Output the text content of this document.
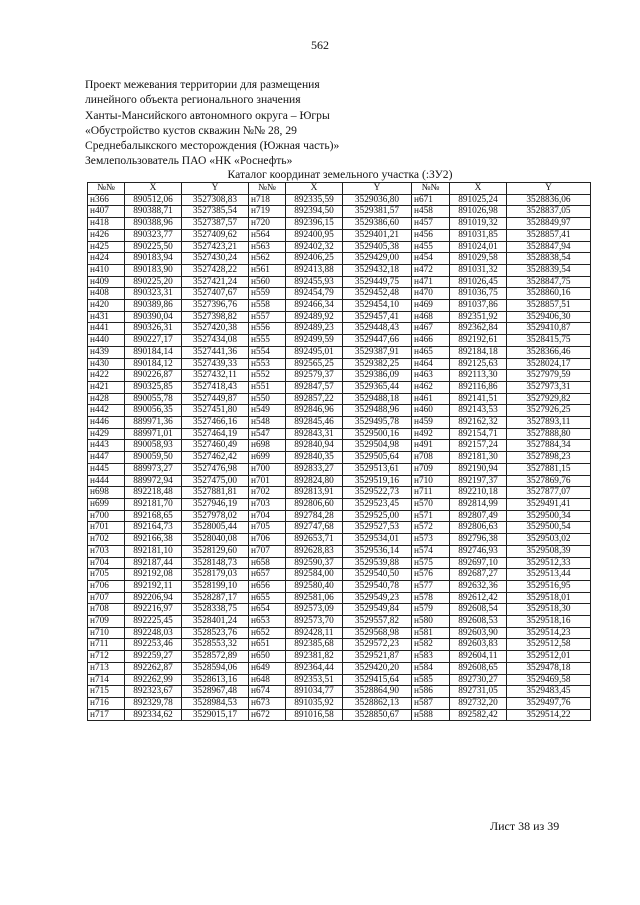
562
Проект межевания территории для размещения
линейного объекта регионального значения
Ханты-Мансийского автономного округа – Югры
«Обустройство кустов скважин №№ 28, 29
Среднебалыкского месторождения (Южная часть)»
Землепользователь ПАО «НК «Роснефть»
Каталог координат земельного участка (:ЗУ2)
№№	X	Y	№№	X	Y	№№	X	Y
н366	890512,06	3527308,83	н718	892335,59	3529036,80	н671	891025,24	3528836,06
н407	890388,71	3527385,54	н719	892394,50	3529381,57	н458	891026,98	3528837,05
н418	890388,96	3527387,57	н720	892396,15	3529386,60	н457	891019,32	3528849,97
н426	890323,77	3527409,62	н564	892400,95	3529401,21	н456	891031,85	3528857,41
н425	890225,50	3527423,21	н563	892402,32	3529405,38	н455	891024,01	3528847,94
н424	890183,94	3527430,24	н562	892406,25	3529429,00	н454	891029,58	3528838,54
н410	890183,90	3527428,22	н561	892413,88	3529432,18	н472	891031,32	3528839,54
н409	890225,20	3527421,24	н560	892455,93	3529449,75	н471	891026,45	3528847,75
н408	890323,31	3527407,67	н559	892454,79	3529452,48	н470	891036,75	3528860,16
н420	890389,86	3527396,76	н558	892466,34	3529454,10	н469	891037,86	3528857,51
н431	890390,04	3527398,82	н557	892489,92	3529457,41	н468	892351,92	3529406,30
н441	890326,31	3527420,38	н556	892489,23	3529448,43	н467	892362,84	3529410,87
н440	890227,17	3527434,08	н555	892499,59	3529447,66	н466	892192,61	3528415,75
н439	890184,14	3527441,36	н554	892495,01	3529387,91	н465	892184,18	3528366,46
н430	890184,12	3527439,33	н553	892565,25	3529382,25	н464	892125,63	3528024,17
н422	890226,87	3527432,11	н552	892579,37	3529386,09	н463	892113,30	3527979,59
н421	890325,85	3527418,43	н551	892847,57	3529365,44	н462	892116,86	3527973,31
н428	890055,78	3527449,87	н550	892857,22	3529488,18	н461	892141,51	3527929,82
н442	890056,35	3527451,80	н549	892846,96	3529488,96	н460	892143,53	3527926,25
н446	889971,36	3527466,16	н548	892845,46	3529495,78	н459	892162,32	3527893,11
н429	889971,01	3527464,19	н547	892843,31	3529500,16	н492	892154,71	3527888,80
н443	890058,93	3527460,49	н698	892840,94	3529504,98	н491	892157,24	3527884,34
н447	890059,50	3527462,42	н699	892840,35	3529505,64	н708	892181,30	3527898,23
н445	889973,27	3527476,98	н700	892833,27	3529513,61	н709	892190,94	3527881,15
н444	889972,94	3527475,00	н701	892824,80	3529519,16	н710	892197,37	3527869,76
н698	892218,48	3527881,81	н702	892813,91	3529522,73	н711	892210,18	3527877,07
н699	892181,70	3527946,19	н703	892806,60	3529523,45	н570	892814,99	3529491,41
н700	892168,65	3527978,02	н704	892784,28	3529525,00	н571	892807,49	3529500,34
н701	892164,73	3528005,44	н705	892747,68	3529527,53	н572	892806,63	3529500,54
н702	892166,38	3528040,08	н706	892653,71	3529534,01	н573	892796,38	3529503,02
н703	892181,10	3528129,60	н707	892628,83	3529536,14	н574	892746,93	3529508,39
н704	892187,44	3528148,73	н658	892590,37	3529539,88	н575	892697,10	3529512,33
н705	892192,08	3528179,03	н657	892584,00	3529540,50	н576	892687,27	3529513,44
н706	892192,11	3528199,10	н656	892580,40	3529540,78	н577	892632,36	3529516,95
н707	892206,94	3528287,17	н655	892581,06	3529549,23	н578	892612,42	3529518,01
н708	892216,97	3528338,75	н654	892573,09	3529549,84	н579	892608,54	3529518,30
н709	892225,45	3528401,24	н653	892573,70	3529557,82	н580	892608,53	3529518,16
н710	892248,03	3528523,76	н652	892428,11	3529568,98	н581	892603,90	3529514,23
н711	892253,46	3528553,32	н651	892385,68	3529572,23	н582	892603,83	3529512,58
н712	892259,27	3528572,89	н650	892381,82	3529521,87	н583	892604,11	3529512,01
н713	892262,87	3528594,06	н649	892364,44	3529420,20	н584	892608,65	3529478,18
н714	892262,99	3528613,16	н648	892353,51	3529415,64	н585	892730,27	3529469,58
н715	892323,67	3528967,48	н674	891034,77	3528864,90	н586	892731,05	3529483,45
н716	892329,78	3528984,53	н673	891035,92	3528862,13	н587	892732,20	3529497,76
н717	892334,62	3529015,17	н672	891016,58	3528850,67	н588	892582,42	3529514,22
Лист 38 из 39
